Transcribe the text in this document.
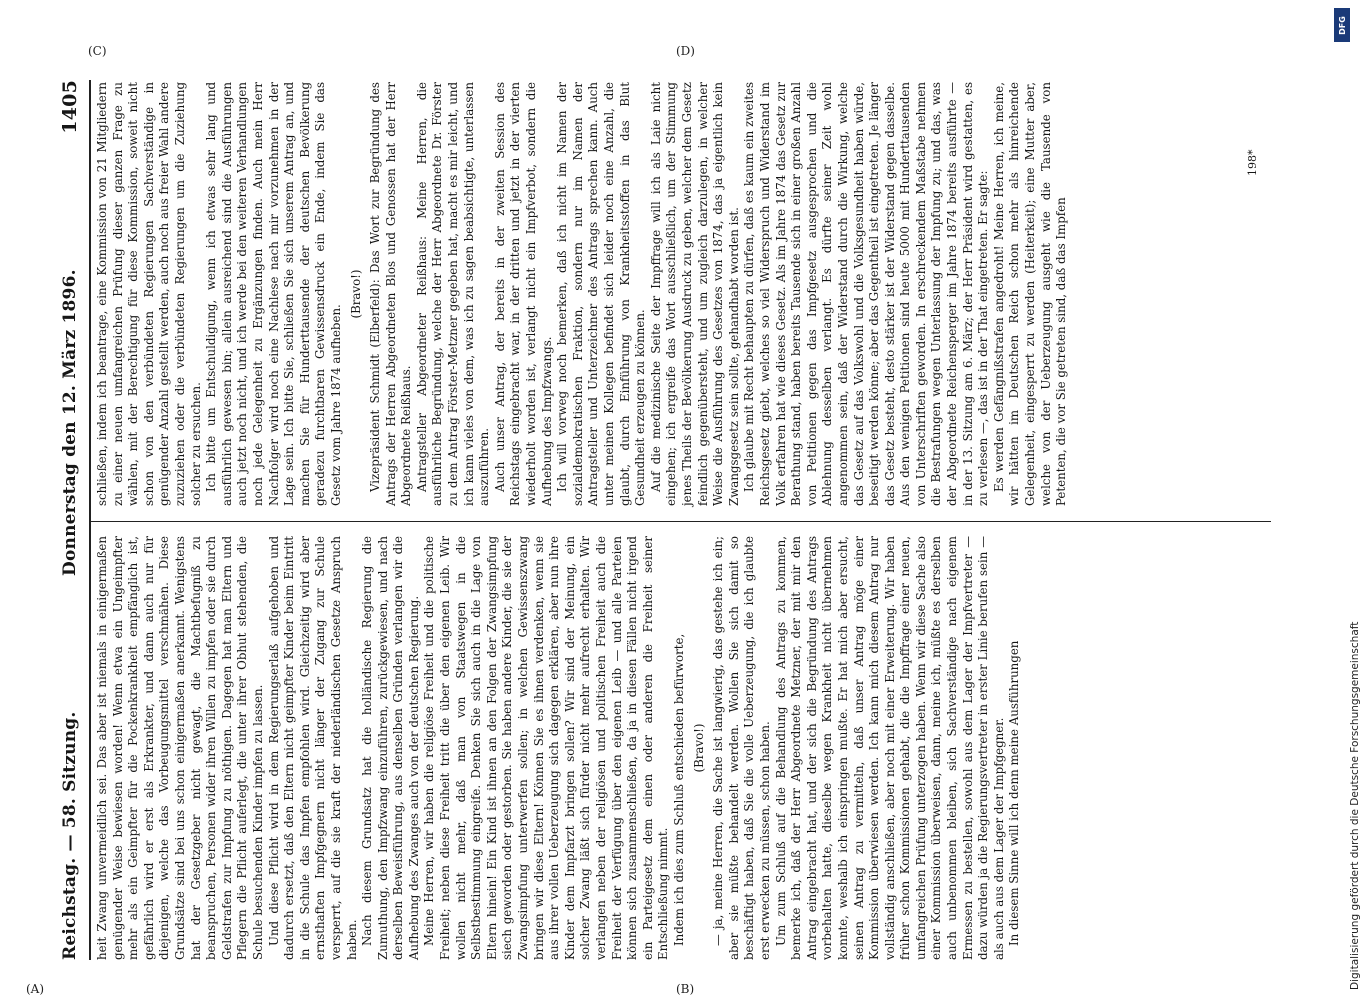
Reichstag. — 58. Sitzung.
Donnerstag den 12. März 1896.
1405

heit Zwang unvermeidlich sei. Das aber ist niemals in einigermaßen genügender Weise bewiesen worden! Wenn etwa ein Ungeimpfter mehr als ein Geimpfter für die Pockenkrankheit empfänglich ist, gefährlich wird er erst als Erkrankter, und dann auch nur für diejenigen, welche das Vorbeugungsmittel verschmähen. Diese Grundsätze sind bei uns schon einigermaßen anerkannt. Wenigstens hat der Gesetzgeber nicht gewagt, die Machtbefugniß zu beanspruchen, Personen wider ihren Willen zu impfen oder sie durch Geldstrafen zur Impfung zu nöthigen. Dagegen hat man Eltern und Pflegern die Pflicht auferlegt, die unter ihrer Obhut stehenden, die Schule besuchenden Kinder impfen zu lassen. Und diese Pflicht wird in dem Regierungserlaß aufgehoben und dadurch ersetzt, daß den Eltern nicht geimpfter Kinder beim Eintritt in die Schule das Impfen empfohlen wird. Gleichzeitig wird aber ernsthaften Impfgegnern nicht länger der Zugang zur Schule versperrt, auf die sie kraft der niederländischen Gesetze Anspruch haben. Nach diesem Grundsatz hat die holländische Regierung die Zumuthung, den Impfzwang einzuführen, zurückgewiesen, und nach derselben Beweisführung, aus denselben Gründen verlangen wir die Aufhebung des Zwanges auch von der deutschen Regierung. Meine Herren, wir haben die religiöse Freiheit und die politische Freiheit; neben diese Freiheit tritt die über den eigenen Leib. Wir wollen nicht mehr, daß man von Staatswegen in die Selbstbestimmung eingreife. Denken Sie sich auch in die Lage von Eltern hinein! Ein Kind ist ihnen an den Folgen der Zwangsimpfung siech geworden oder gestorben. Sie haben andere Kinder, die sie der Zwangsimpfung unterwerfen sollen; in welchen Gewissenszwang bringen wir diese Eltern! Können Sie es ihnen verdenken, wenn sie aus ihrer vollen Ueberzeugung sich dagegen erklären, aber nun ihre Kinder dem Impfarzt bringen sollen? Wir sind der Meinung, ein solcher Zwang läßt sich fürder nicht mehr aufrecht erhalten. Wir verlangen neben der religiösen und politischen Freiheit auch die Freiheit der Verfügung über den eigenen Leib — und alle Parteien können sich zusammenschließen, da ja in diesen Fällen nicht irgend ein Parteigesetz dem einen oder anderen die Freiheit seiner Entschließung nimmt. Indem ich dies zum Schluß entschieden befürworte, (Bravo!) — ja, meine Herren, die Sache ist langwierig, das gestehe ich ein; aber sie müßte behandelt werden. Wollen Sie sich damit so beschäftigt haben, daß Sie die volle Ueberzeugung, die ich glaubte erst erwecken zu müssen, schon haben. Um zum Schluß auf die Behandlung des Antrags zu kommen, bemerke ich, daß der Herr Abgeordnete Metzner, der mit mir den Antrag eingebracht hat, und der sich die Begründung des Antrags vorbehalten hatte, dieselbe wegen Krankheit nicht übernehmen konnte, weshalb ich einspringen mußte. Er hat mich aber ersucht, seinen Antrag zu vermitteln, daß unser Antrag möge einer Kommission überwiesen werden. Ich kann mich diesem Antrag nur vollständig anschließen, aber noch mit einer Erweiterung. Wir haben früher schon Kommissionen gehabt, die die Impffrage einer neuen, umfangreichen Prüfung unterzogen haben. Wenn wir diese Sache also einer Kommission überweisen, dann, meine ich, müßte es derselben auch unbenommen bleiben, sich Sachverständige nach eigenem Ermessen zu bestellen, sowohl aus dem Lager der Impfvertreter — dazu würden ja die Regierungsvertreter in erster Linie berufen sein — als auch aus dem Lager der Impfgegner. In diesem Sinne will ich denn meine Ausführungen

schließen, indem ich beantrage, eine Kommission von 21 Mitgliedern zu einer neuen umfangreichen Prüfung dieser ganzen Frage zu wählen, mit der Berechtigung für diese Kommission, soweit nicht schon von den verbündeten Regierungen Sachverständige in genügender Anzahl gestellt werden, auch noch aus freier Wahl andere zuzuziehen oder die verbündeten Regierungen um die Zuziehung solcher zu ersuchen. Ich bitte um Entschuldigung, wenn ich etwas sehr lang und ausführlich gewesen bin; allein ausreichend sind die Ausführungen auch jetzt noch nicht, und ich werde bei den weiteren Verhandlungen noch jede Gelegenheit zu Ergänzungen finden. Auch mein Herr Nachfolger wird noch eine Nachlese nach mir vorzunehmen in der Lage sein. Ich bitte Sie, schließen Sie sich unserem Antrag an, und machen Sie für Hunderttausende der deutschen Bevölkerung geradezu furchtbaren Gewissensdruck ein Ende, indem Sie das Gesetz vom Jahre 1874 aufheben.

(Bravo!) Vizepräsident Schmidt (Elberfeld): Das Wort zur Begründung des Antrags der Herren Abgeordneten Blos und Genossen hat der Herr Abgeordnete Reißhaus. Antragsteller Abgeordneter Reißhaus: Meine Herren, die ausführliche Begründung, welche der Herr Abgeordnete Dr. Förster zu dem Antrag Förster-Metzner gegeben hat, macht es mir leicht, und ich kann vieles von dem, was ich zu sagen beabsichtigte, unterlassen auszuführen. Auch unser Antrag, der bereits in der zweiten Session des Reichstags eingebracht war, in der dritten und jetzt in der vierten wiederholt worden ist, verlangt nicht ein Impfverbot, sondern die Aufhebung des Impfzwangs. Ich will vorweg noch bemerken, daß ich nicht im Namen der sozialdemokratischen Fraktion, sondern nur im Namen der Antragsteller und Unterzeichner des Antrags sprechen kann. Auch unter meinen Kollegen befindet sich leider noch eine Anzahl, die glaubt, durch Einführung von Krankheitsstoffen in das Blut Gesundheit erzeugen zu können. Auf die medizinische Seite der Impffrage will ich als Laie nicht eingehen; ich ergreife das Wort ausschließlich, um der Stimmung jenes Theils der Bevölkerung Ausdruck zu geben, welcher dem Gesetz feindlich gegenübersteht, und um zugleich darzulegen, in welcher Weise die Ausführung des Gesetzes von 1874, das ja eigentlich kein Zwangsgesetz sein sollte, gehandhabt worden ist. Ich glaube mit Recht behaupten zu dürfen, daß es kaum ein zweites Reichsgesetz giebt, welches so viel Widerspruch und Widerstand im Volk erfahren hat wie dieses Gesetz. Als im Jahre 1874 das Gesetz zur Berathung stand, haben bereits Tausende sich in einer großen Anzahl von Petitionen gegen das Impfgesetz ausgesprochen und die Ablehnung desselben verlangt. Es dürfte seiner Zeit wohl angenommen sein, daß der Widerstand durch die Wirkung, welche das Gesetz auf das Volkswohl und die Volksgesundheit haben würde, beseitigt werden könne; aber das Gegentheil ist eingetreten. Je länger das Gesetz besteht, desto stärker ist der Widerstand gegen dasselbe. Aus den wenigen Petitionen sind heute 5000 mit Hunderttausenden von Unterschriften geworden. In erschreckendem Maßstabe nehmen die Bestrafungen wegen Unterlassung der Impfung zu; und das, was der Abgeordnete Reichensperger im Jahre 1874 bereits ausführte — in der 13. Sitzung am 6. März; der Herr Präsident wird gestatten, es zu verlesen —, das ist in der That eingetreten. Er sagte: Es werden Gefängnißstrafen angedroht! Meine Herren, ich meine, wir hätten im Deutschen Reich schon mehr als hinreichende Gelegenheit, eingesperrt zu werden (Heiterkeit); eine Mutter aber, welche von der Ueberzeugung ausgeht wie die Tausende von Petenten, die vor Sie getreten sind, daß das Impfen

(A)	(B)
(C)	(D)
198*
DFG
Digitalisierung gefördert durch die Deutsche Forschungsgemeinschaft
